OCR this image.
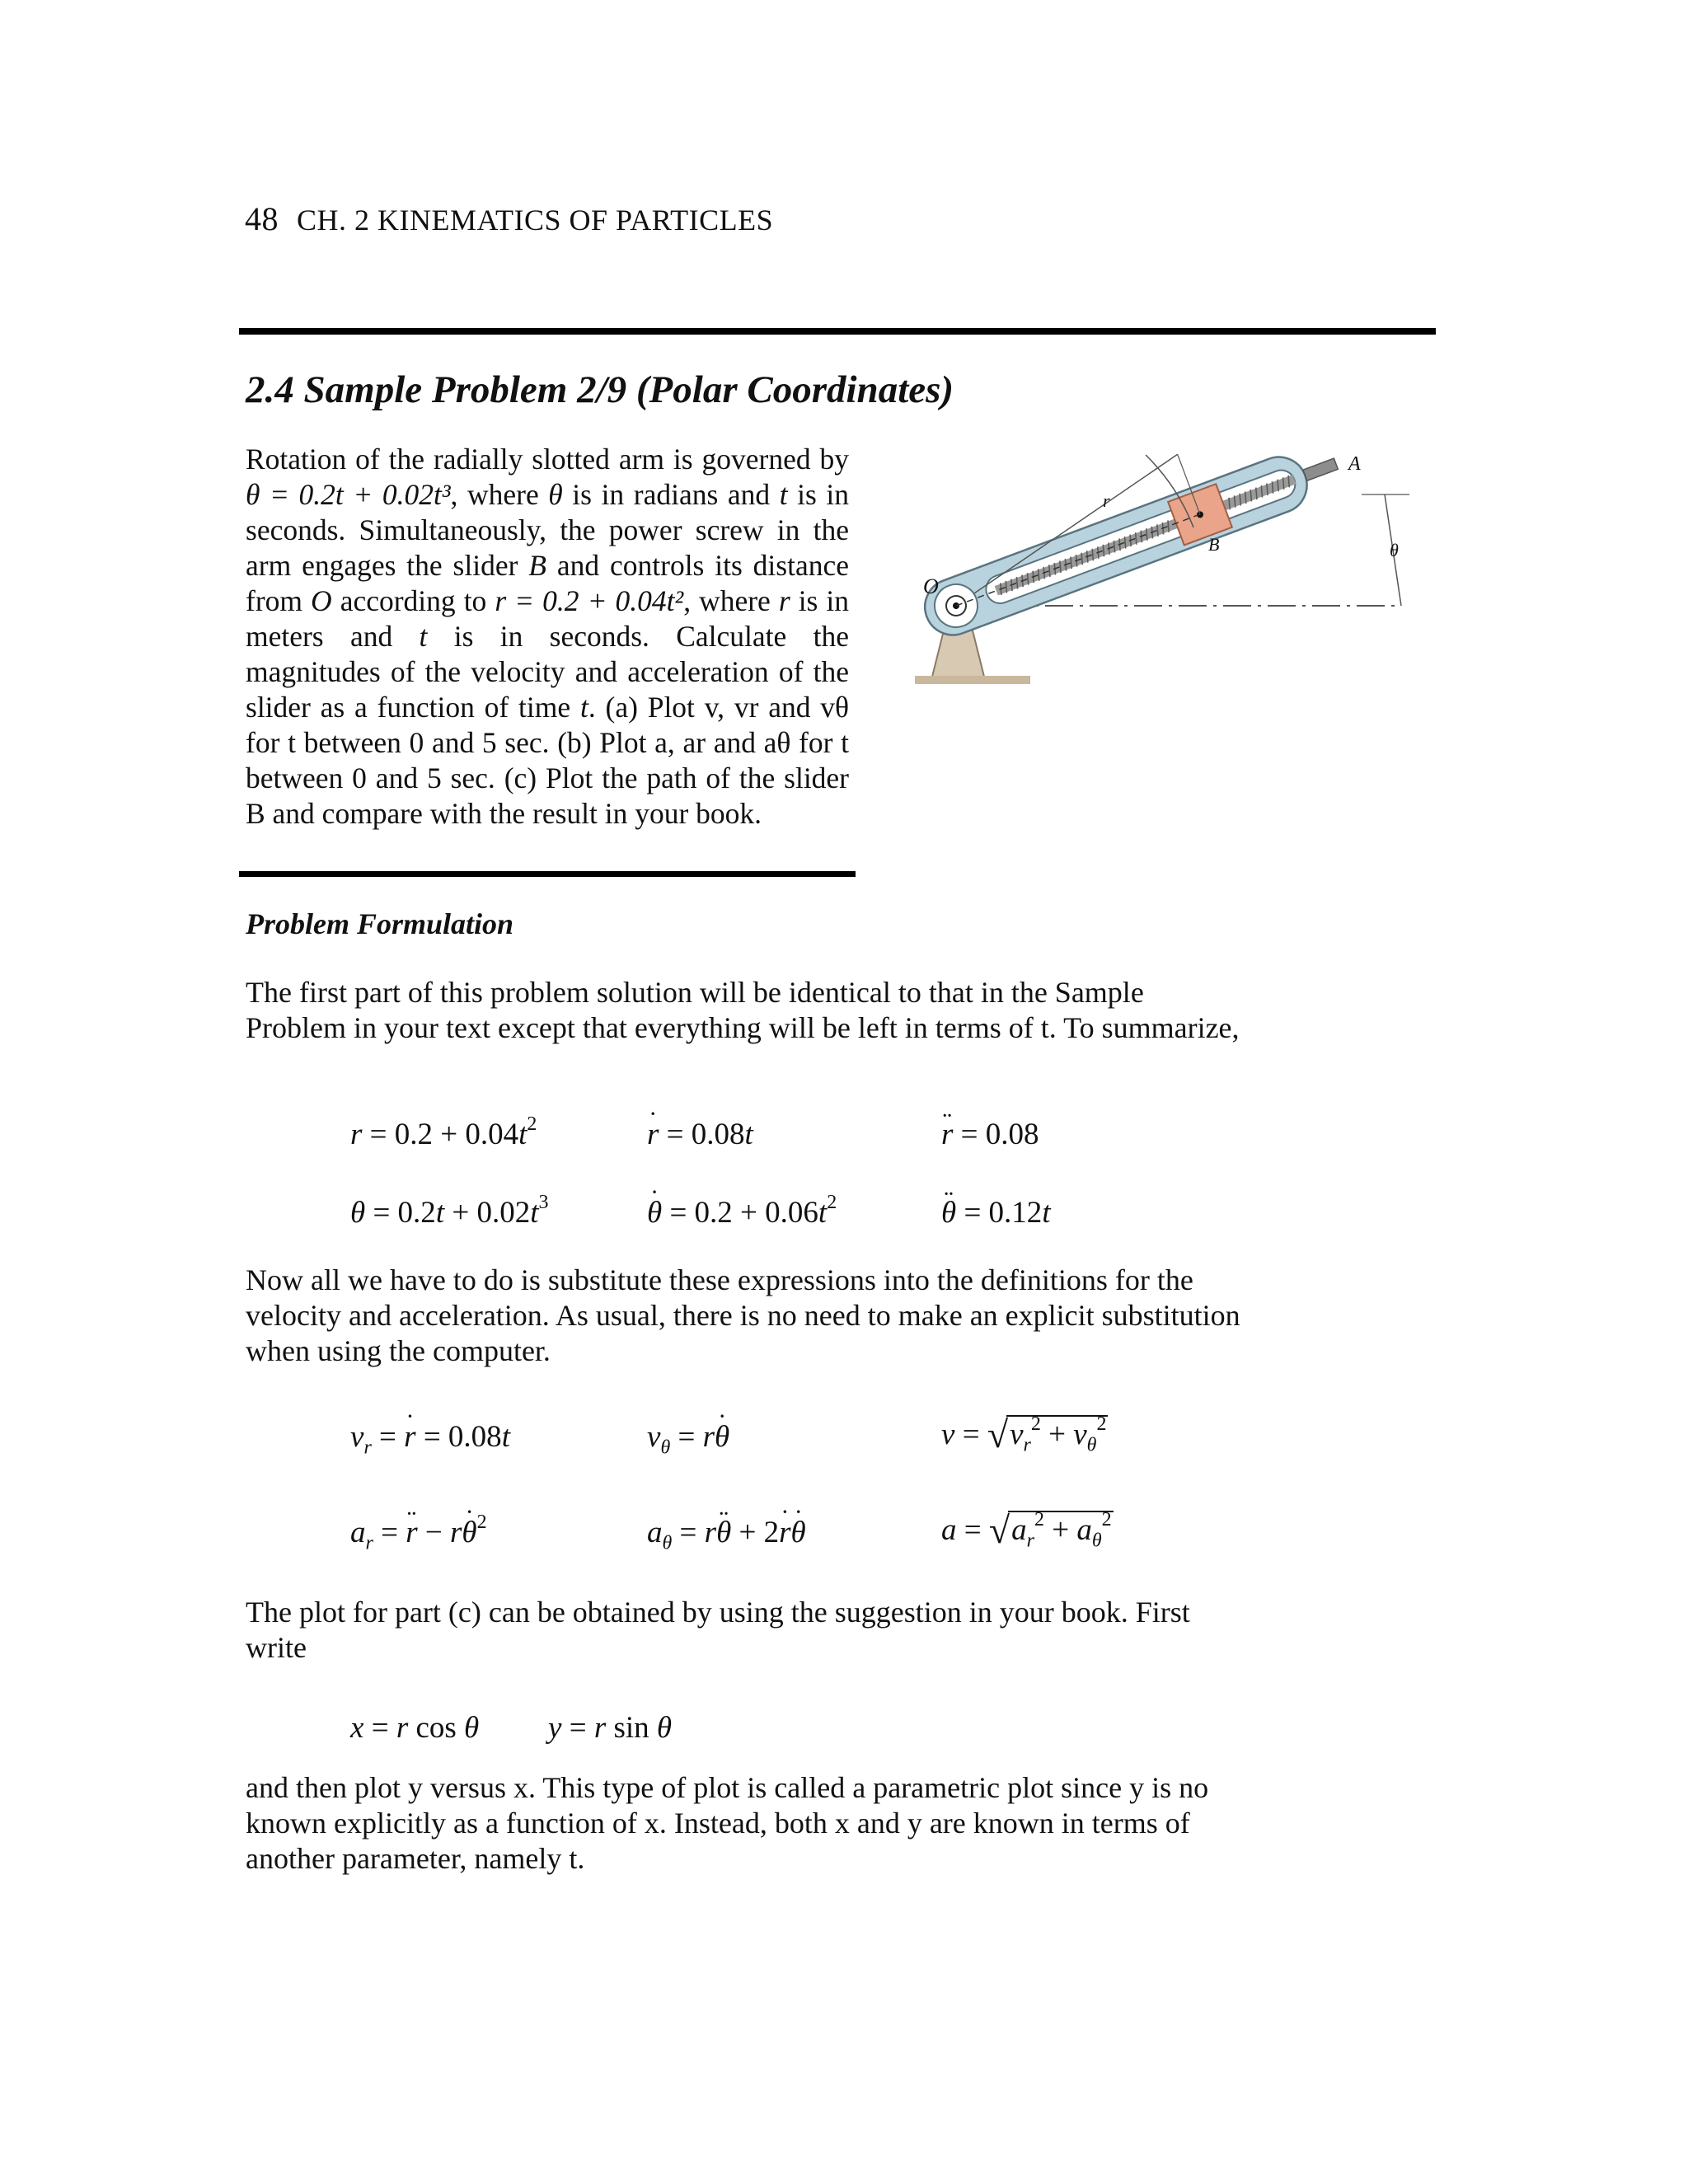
48 CH. 2 KINEMATICS OF PARTICLES
2.4 Sample Problem 2/9 (Polar Coordinates)
Rotation of the radially slotted arm is governed by θ = 0.2t + 0.02t³, where θ is in radians and t is in seconds. Simultaneously, the power screw in the arm engages the slider B and controls its distance from O according to r = 0.2 + 0.04t², where r is in meters and t is in seconds. Calculate the magnitudes of the velocity and acceleration of the slider as a function of time t. (a) Plot v, vr and vθ for t between 0 and 5 sec. (b) Plot a, ar and aθ for t between 0 and 5 sec. (c) Plot the path of the slider B and compare with the result in your book.
O
r
A
B	θ
Problem Formulation
The first part of this problem solution will be identical to that in the Sample Problem in your text except that everything will be left in terms of t. To summarize,
$r = 0.2 + 0.04t^2$	r ˙ = 0.08t	r ¨ = 0.08
$\theta = 0.2t + 0.02t^3$	θ ˙ = $0.2 + 0.06t^2$	θ ¨ = 0.12t
Now all we have to do is substitute these expressions into the definitions for the velocity and acceleration. As usual, there is no need to make an explicit substitution when using the computer.
$v_r = r$ ˙ = 0.08t	$v_\theta = r\theta$ ˙	$v = √v_r^2 + v_\theta^2$
$a_r = r$ ¨ − rθ ˙$^2$	$a_\theta = r\theta$ ¨ + 2r ˙θ ˙	$a = √a_r^2 + a_\theta^2$
The plot for part (c) can be obtained by using the suggestion in your book. First write
x = r cos θ y = r sin θ
and then plot y versus x. This type of plot is called a parametric plot since y is no known explicitly as a function of x. Instead, both x and y are known in terms of another parameter, namely t.
